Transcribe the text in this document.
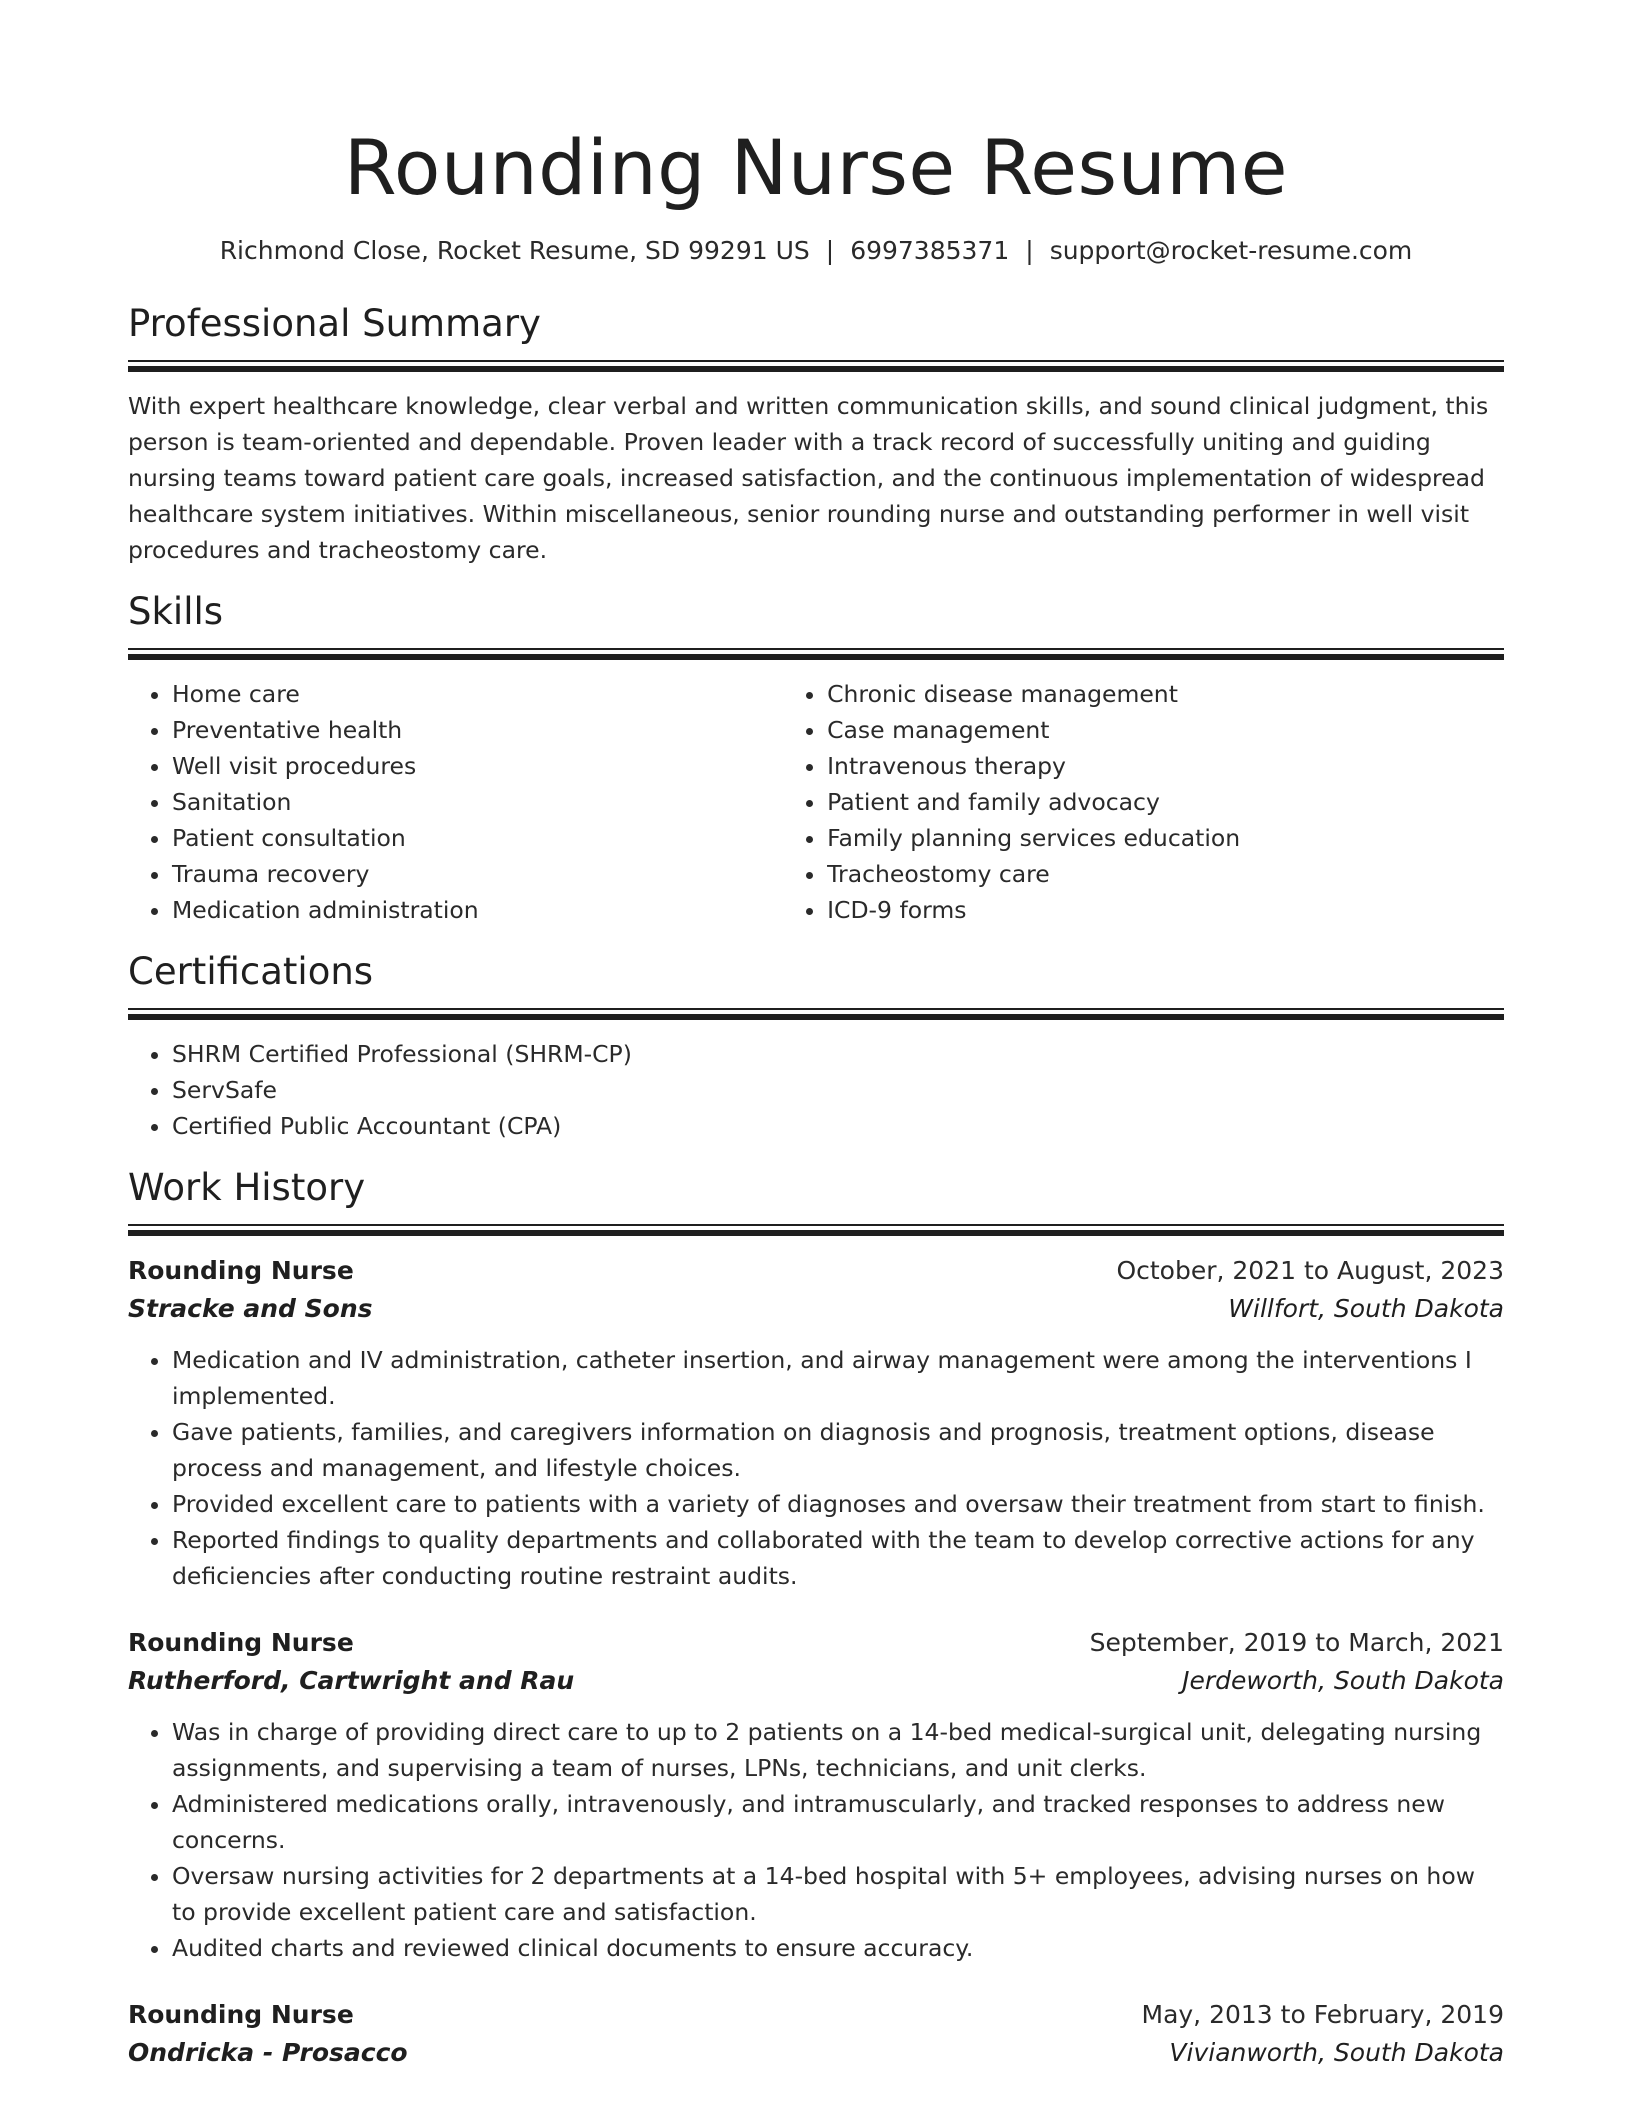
Rounding Nurse Resume
Richmond Close, Rocket Resume, SD 99291 US | 6997385371 | support@rocket-resume.com
Professional Summary

With expert healthcare knowledge, clear verbal and written communication skills, and sound clinical judgment, this person is team-oriented and dependable. Proven leader with a track record of successfully uniting and guiding nursing teams toward patient care goals, increased satisfaction, and the continuous implementation of widespread healthcare system initiatives. Within miscellaneous, senior rounding nurse and outstanding performer in well visit procedures and tracheostomy care.

Skills
• Home care
• Preventative health
• Well visit procedures
• Sanitation
• Patient consultation
• Trauma recovery
• Medication administration
• Chronic disease management
• Case management
• Intravenous therapy
• Patient and family advocacy
• Family planning services education
• Tracheostomy care
• ICD-9 forms
Certifications
• SHRM Certified Professional (SHRM-CP)
• ServSafe
• Certified Public Accountant (CPA)
Work History
Rounding Nurse	October, 2021 to August, 2023
Stracke and Sons	Willfort, South Dakota
• Medication and IV administration, catheter insertion, and airway management were among the interventions I implemented.
• Gave patients, families, and caregivers information on diagnosis and prognosis, treatment options, disease process and management, and lifestyle choices.
• Provided excellent care to patients with a variety of diagnoses and oversaw their treatment from start to finish.
• Reported findings to quality departments and collaborated with the team to develop corrective actions for any deficiencies after conducting routine restraint audits.
Rounding Nurse	September, 2019 to March, 2021
Rutherford, Cartwright and Rau	Jerdeworth, South Dakota
• Was in charge of providing direct care to up to 2 patients on a 14-bed medical-surgical unit, delegating nursing assignments, and supervising a team of nurses, LPNs, technicians, and unit clerks.
• Administered medications orally, intravenously, and intramuscularly, and tracked responses to address new concerns.
• Oversaw nursing activities for 2 departments at a 14-bed hospital with 5+ employees, advising nurses on how to provide excellent patient care and satisfaction.
• Audited charts and reviewed clinical documents to ensure accuracy.
Rounding Nurse	May, 2013 to February, 2019
Ondricka - Prosacco	Vivianworth, South Dakota
